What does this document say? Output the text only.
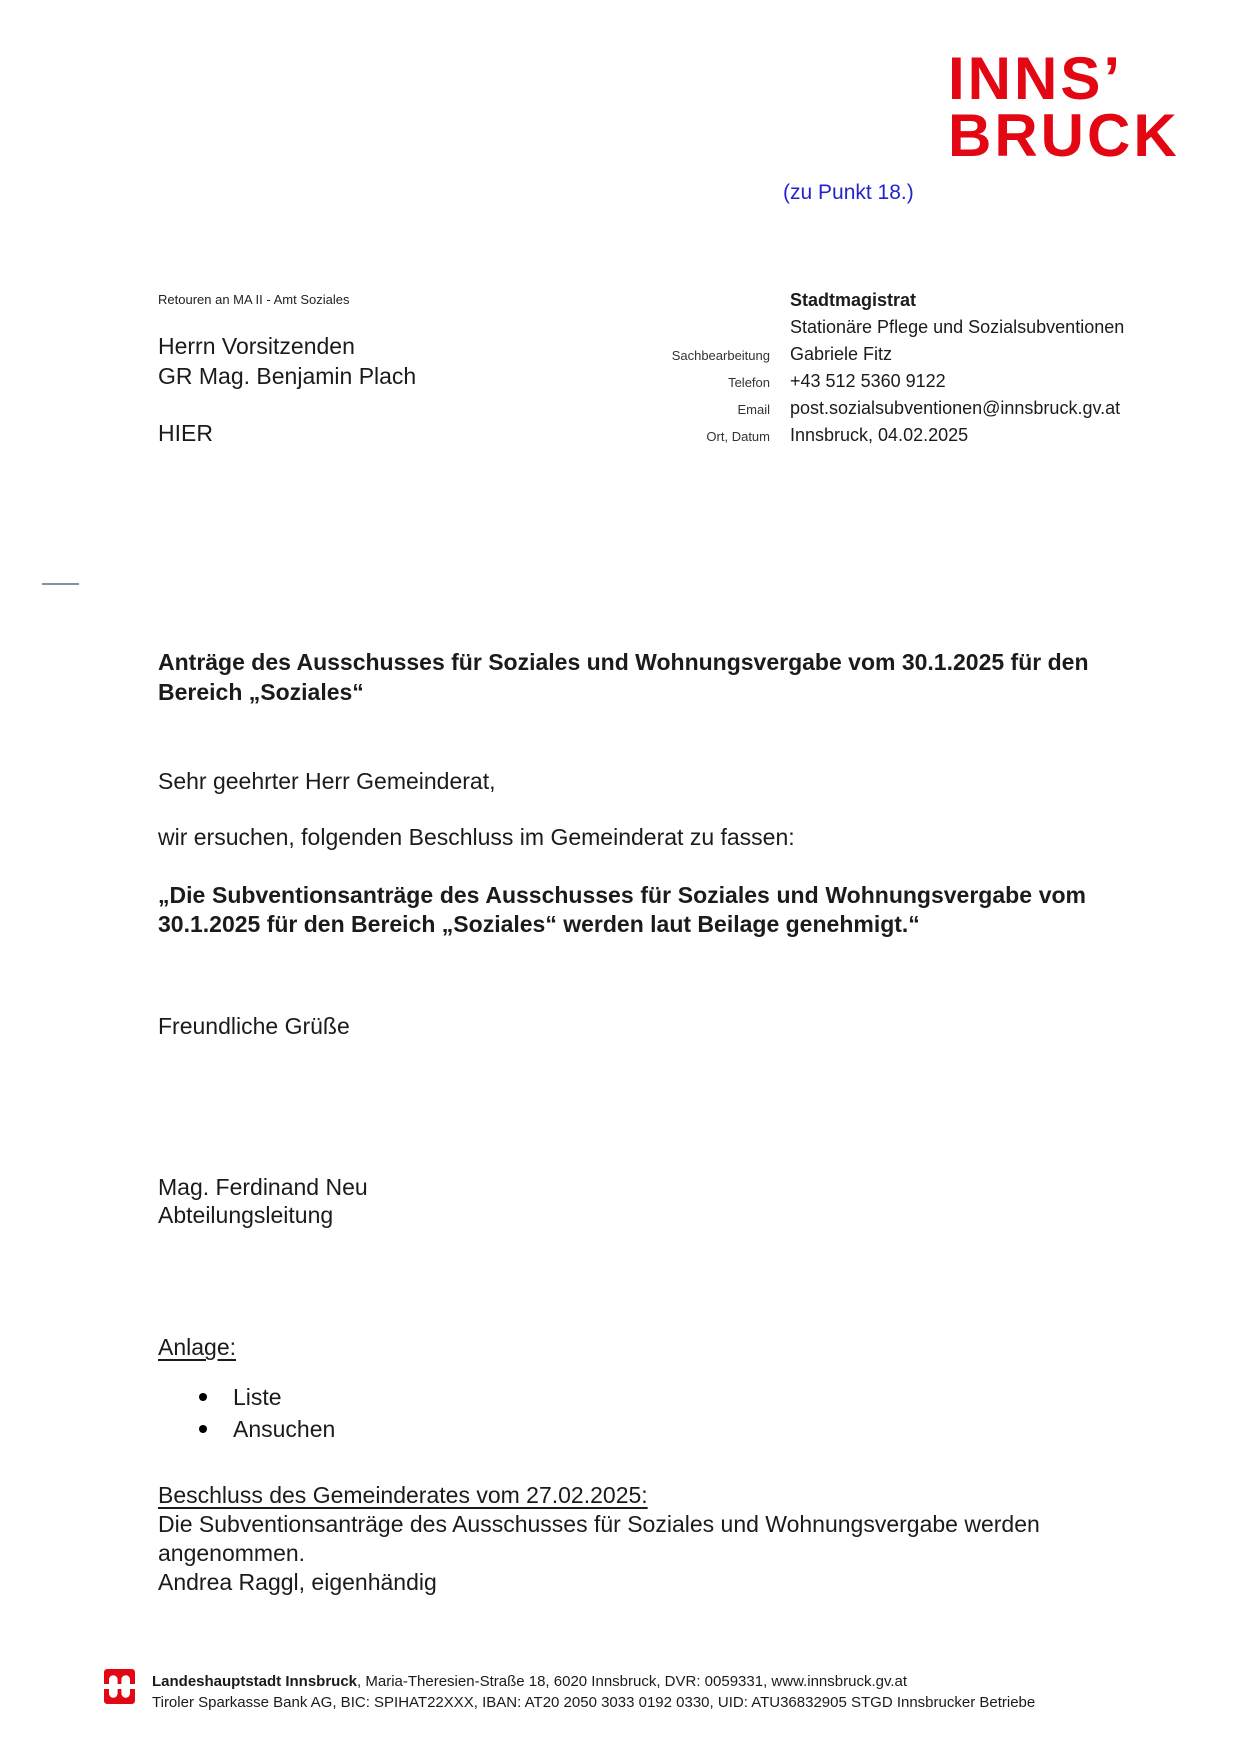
INNS’
BRUCK
(zu Punkt 18.)
Retouren an MA II - Amt Soziales
Herrn Vorsitzenden
GR Mag. Benjamin Plach
HIER
Sachbearbeitung
Telefon
Email
Ort, Datum
Stadtmagistrat
Stationäre Pflege und Sozialsubventionen
Gabriele Fitz
+43 512 5360 9122
post.sozialsubventionen@innsbruck.gv.at
Innsbruck, 04.02.2025
Anträge des Ausschusses für Soziales und Wohnungsvergabe vom 30.1.2025 für den
Bereich „Soziales“
Sehr geehrter Herr Gemeinderat,
wir ersuchen, folgenden Beschluss im Gemeinderat zu fassen:
„Die Subventionsanträge des Ausschusses für Soziales und Wohnungsvergabe vom
30.1.2025 für den Bereich „Soziales“ werden laut Beilage genehmigt.“
Freundliche Grüße
Mag. Ferdinand Neu
Abteilungsleitung
Anlage:
Liste
Ansuchen
Beschluss des Gemeinderates vom 27.02.2025:
Die Subventionsanträge des Ausschusses für Soziales und Wohnungsvergabe werden
angenommen.
Andrea Raggl, eigenhändig
Landeshauptstadt Innsbruck, Maria-Theresien-Straße 18, 6020 Innsbruck, DVR: 0059331, www.innsbruck.gv.at
Tiroler Sparkasse Bank AG, BIC: SPIHAT22XXX, IBAN: AT20 2050 3033 0192 0330, UID: ATU36832905 STGD Innsbrucker Betriebe
